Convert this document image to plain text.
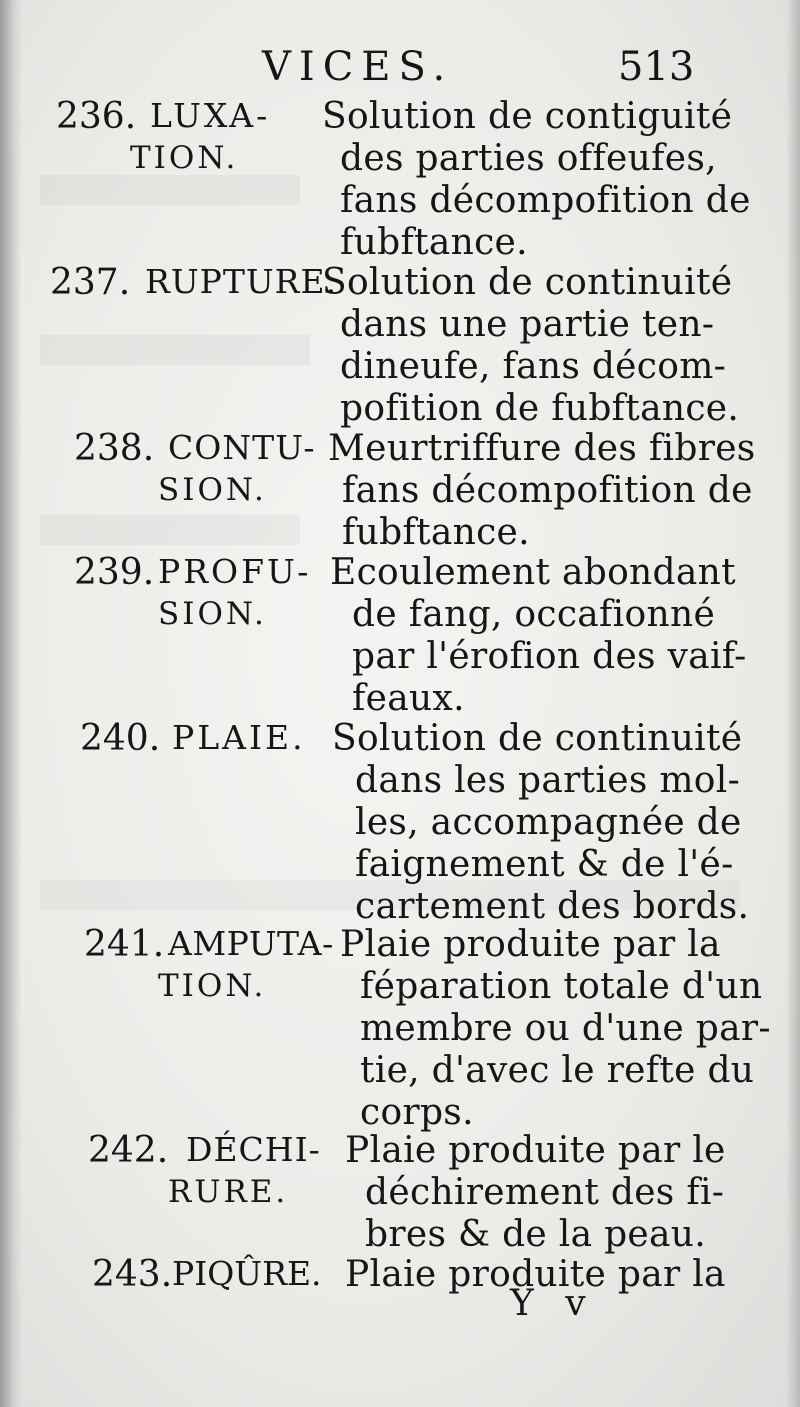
VICES.	513
236. LUXA-
TION.
Solution de contiguité
des parties offeufes,
fans décompofition de
fubftance.
237. RUPTURE.
Solution de continuité
dans une partie ten-
dineufe, fans décom-
pofition de fubftance.
238. CONTU-
SION.
Meurtriffure des fibres
fans décompofition de
fubftance.
239. PROFU-
SION.
Ecoulement abondant
de fang, occafionné
par l'érofion des vaif-
feaux.
240. PLAIE. Solution de continuité
dans les parties mol-
les, accompagnée de
faignement & de l'é-
cartement des bords.
241. AMPUTA-
TION.
Plaie produite par la
féparation totale d'un
membre ou d'une par-
tie, d'avec le refte du
corps.
242. DÉCHI-
RURE.
Plaie produite par le
déchirement des fi-
bres & de la peau.
243. PIQÛRE. Plaie produite par la
Y v
